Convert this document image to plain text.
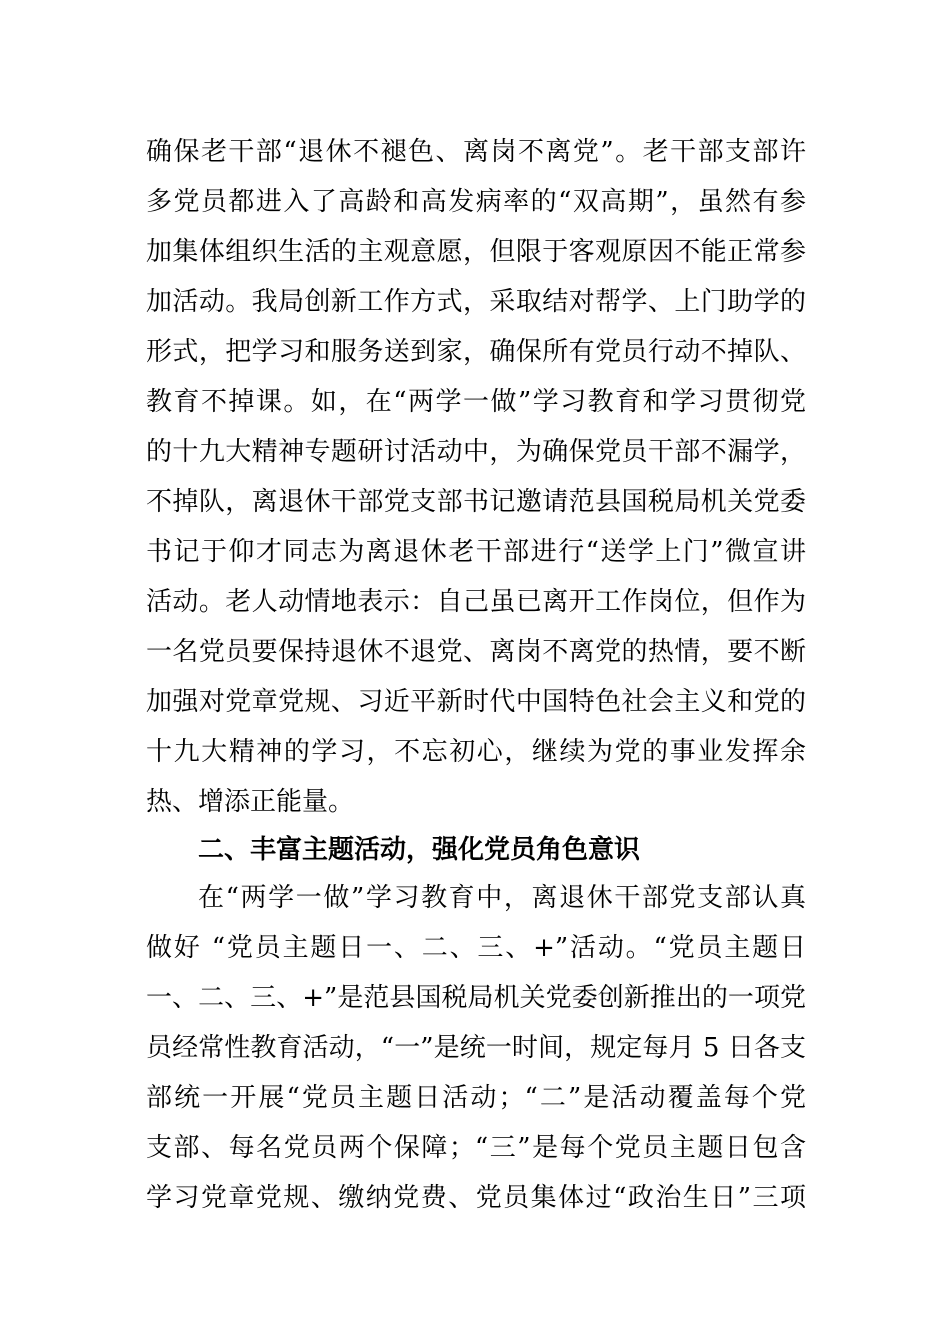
确保老干部“退休不褪色、离岗不离党”。老干部支部许
多党员都进入了高龄和高发病率的“双高期”，虽然有参
加集体组织生活的主观意愿，但限于客观原因不能正常参
加活动。我局创新工作方式，采取结对帮学、上门助学的
形式，把学习和服务送到家，确保所有党员行动不掉队、
教育不掉课。如，在“两学一做”学习教育和学习贯彻党
的十九大精神专题研讨活动中，为确保党员干部不漏学，
不掉队，离退休干部党支部书记邀请范县国税局机关党委
书记于仰才同志为离退休老干部进行“送学上门”微宣讲
活动。老人动情地表示：自己虽已离开工作岗位，但作为
一名党员要保持退休不退党、离岗不离党的热情，要不断
加强对党章党规、习近平新时代中国特色社会主义和党的
十九大精神的学习，不忘初心，继续为党的事业发挥余
热、增添正能量。
二、丰富主题活动，强化党员角色意识
在“两学一做”学习教育中，离退休干部党支部认真
做好 “党员主题日一、二、三、+”活动。“党员主题日
一、二、三、+”是范县国税局机关党委创新推出的一项党
员经常性教育活动，“一”是统一时间，规定每月 5 日各支
部统一开展“党员主题日活动；“二”是活动覆盖每个党
支部、每名党员两个保障；“三”是每个党员主题日包含
学习党章党规、缴纳党费、党员集体过“政治生日”三项
